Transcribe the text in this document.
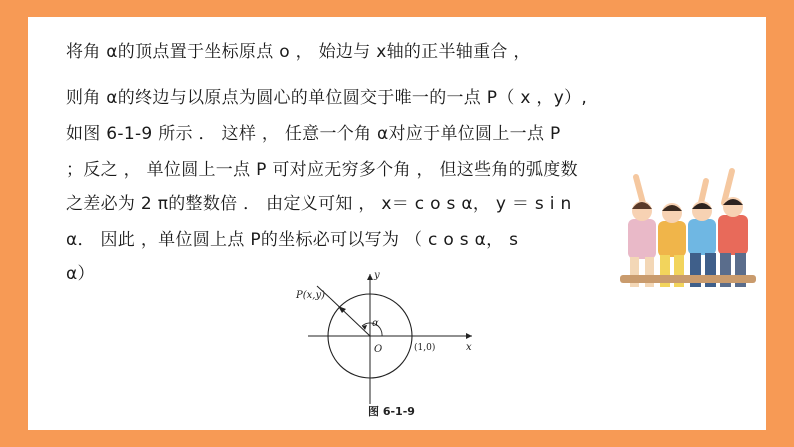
将角 α的顶点置于坐标原点 o ， 始边与 x轴的正半轴重合 ，
则角 α的终边与以原点为圆心的单位圆交于唯一的一点 P（ x ，y）,
如图 6-1-9 所示 ． 这样 ， 任意一个角 α对应于单位圆上一点 P
；反之 ， 单位圆上一点 P 可对应无穷多个角 ， 但这些角的弧度数
之差必为 2 π的整数倍 ． 由定义可知 ， x＝ c o s α， y ＝ s i n
α． 因此 ，单位圆上点 P的坐标必可以写为 （ c o s α， s
α）
P(x,y)
y
x
O
α
(1,0)
图 6-1-9
